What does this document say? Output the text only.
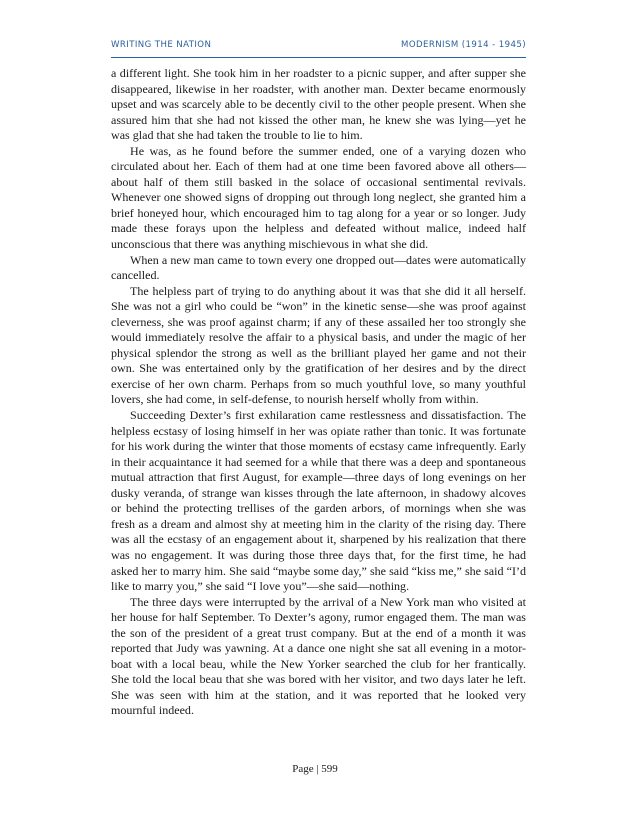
WRITING THE NATION	MODERNISM (1914 - 1945)

a different light. She took him in her roadster to a picnic supper, and after supper she disappeared, likewise in her roadster, with another man. Dexter became enormously upset and was scarcely able to be decently civil to the other people present. When she assured him that she had not kissed the other man, he knew she was lying—yet he was glad that she had taken the trouble to lie to him.

He was, as he found before the summer ended, one of a varying dozen who circulated about her. Each of them had at one time been favored above all others—about half of them still basked in the solace of occasional sentimental revivals. Whenever one showed signs of dropping out through long neglect, she granted him a brief honeyed hour, which encouraged him to tag along for a year or so longer. Judy made these forays upon the helpless and defeated without malice, indeed half unconscious that there was anything mischievous in what she did.

When a new man came to town every one dropped out—dates were automatically cancelled.

The helpless part of trying to do anything about it was that she did it all herself. She was not a girl who could be “won” in the kinetic sense—she was proof against cleverness, she was proof against charm; if any of these assailed her too strongly she would immediately resolve the affair to a physical basis, and under the magic of her physical splendor the strong as well as the brilliant played her game and not their own. She was entertained only by the gratification of her desires and by the direct exercise of her own charm. Perhaps from so much youthful love, so many youthful lovers, she had come, in self-defense, to nourish herself wholly from within.

Succeeding Dexter’s first exhilaration came restlessness and dissatisfaction. The helpless ecstasy of losing himself in her was opiate rather than tonic. It was fortunate for his work during the winter that those moments of ecstasy came infrequently. Early in their acquaintance it had seemed for a while that there was a deep and spontaneous mutual attraction that first August, for example—three days of long evenings on her dusky veranda, of strange wan kisses through the late afternoon, in shadowy alcoves or behind the protecting trellises of the garden arbors, of mornings when she was fresh as a dream and almost shy at meeting him in the clarity of the rising day. There was all the ecstasy of an engagement about it, sharpened by his realization that there was no engagement. It was during those three days that, for the first time, he had asked her to marry him. She said “maybe some day,” she said “kiss me,” she said “I’d like to marry you,” she said “I love you”—she said—nothing.

The three days were interrupted by the arrival of a New York man who visited at her house for half September. To Dexter’s agony, rumor engaged them. The man was the son of the president of a great trust company. But at the end of a month it was reported that Judy was yawning. At a dance one night she sat all evening in a motor-boat with a local beau, while the New Yorker searched the club for her frantically. She told the local beau that she was bored with her visitor, and two days later he left. She was seen with him at the station, and it was reported that he looked very mournful indeed.

Page | 599
